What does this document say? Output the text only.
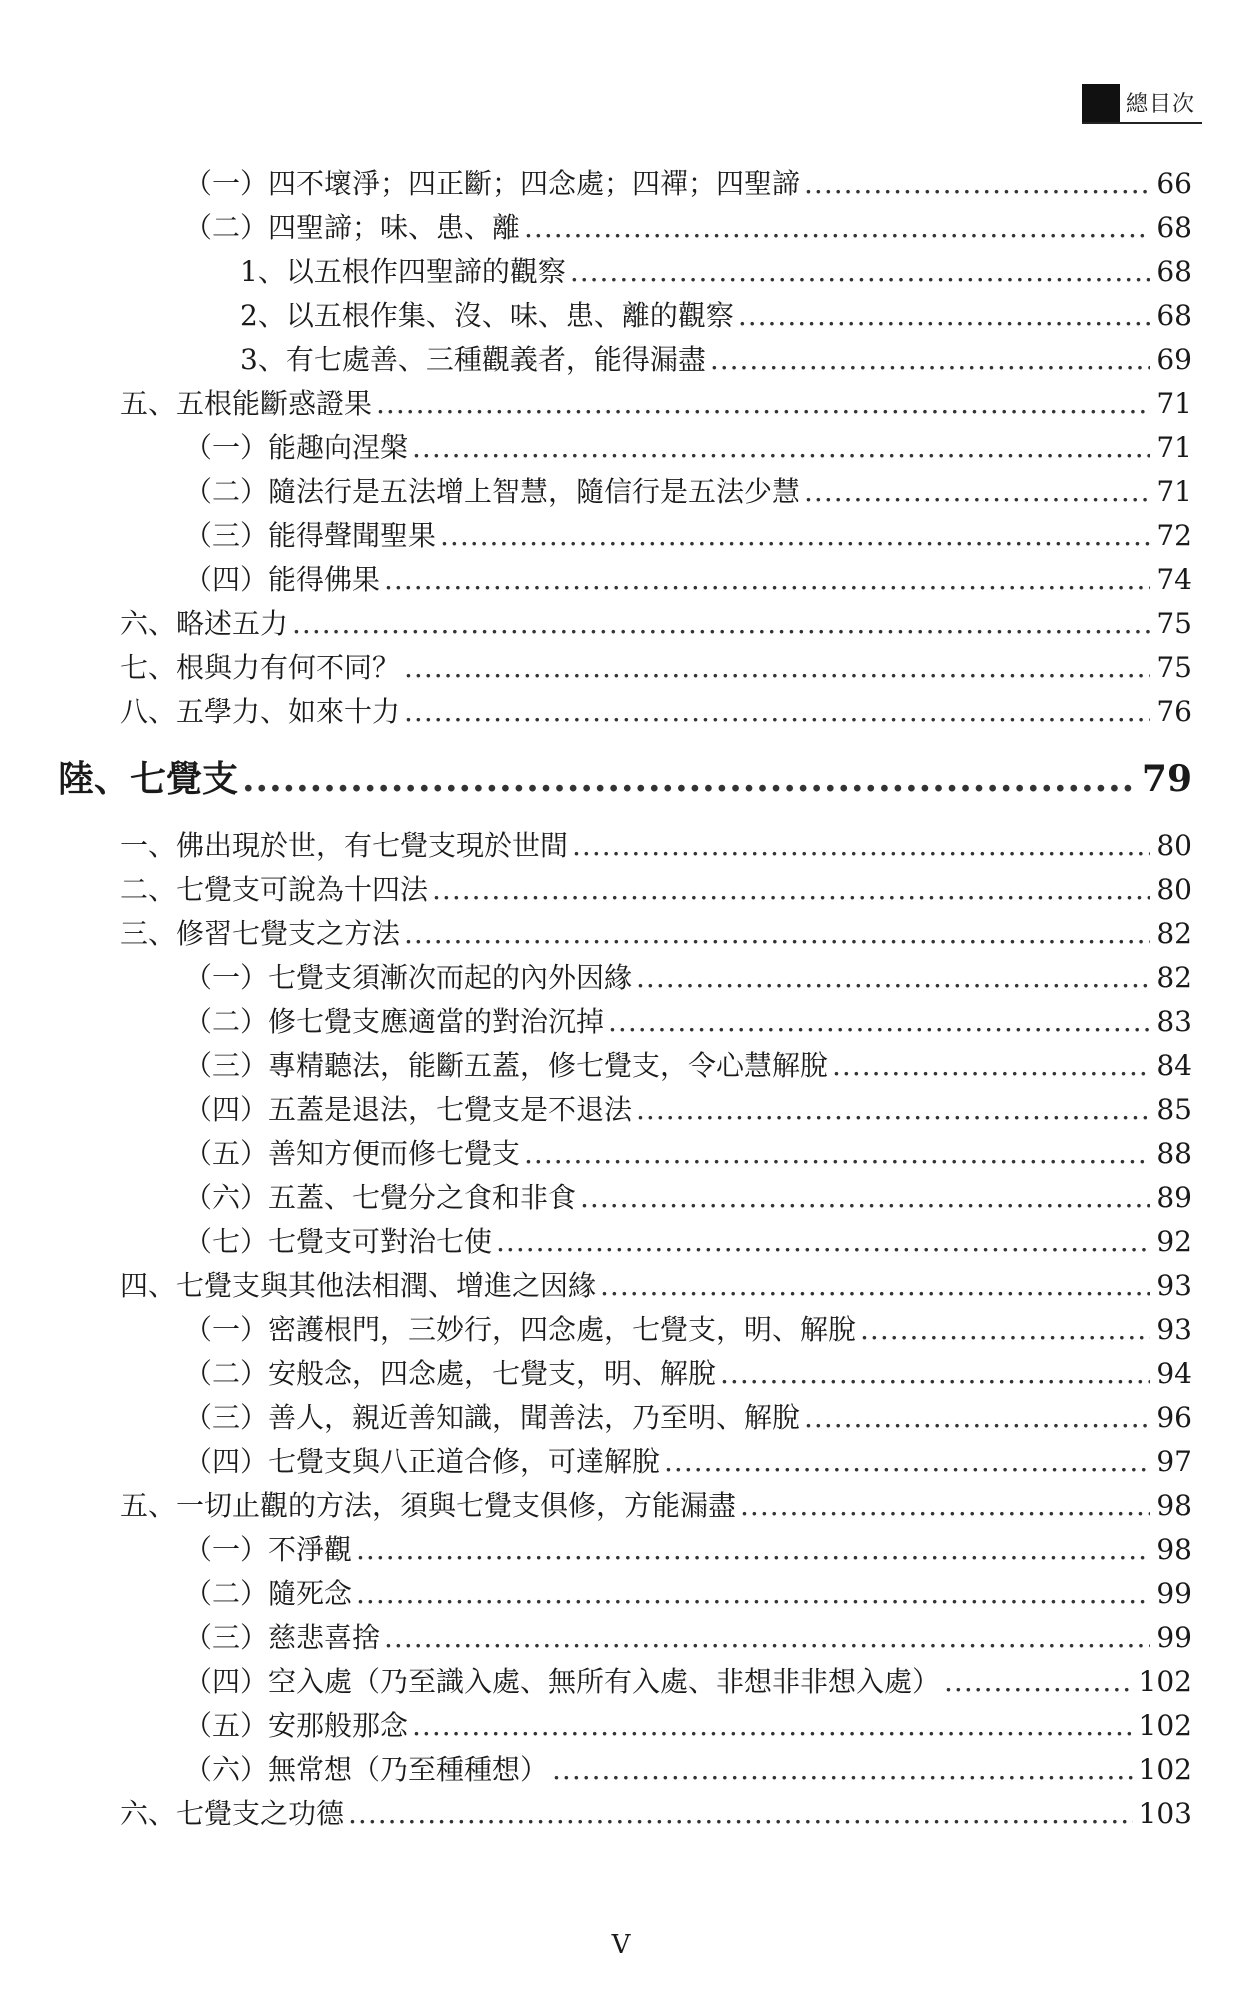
總目次
（一）四不壞淨；四正斷；四念處；四禪；四聖諦 .....	66
（二）四聖諦；味、患、離 .....	68
1、以五根作四聖諦的觀察 .....	68
2、以五根作集、沒、味、患、離的觀察 .....	68
3、有七處善、三種觀義者，能得漏盡 .....	69
五、五根能斷惑證果 .....	71
（一）能趣向涅槃 .....	71
（二）隨法行是五法增上智慧，隨信行是五法少慧 .....	71
（三）能得聲聞聖果 .....	72
（四）能得佛果 .....	74
六、略述五力 .....	75
七、根與力有何不同？ .....	75
八、五學力、如來十力 .....	76
陸、七覺支 .....	79
一、佛出現於世，有七覺支現於世間 .....	80
二、七覺支可說為十四法 .....	80
三、修習七覺支之方法 .....	82
（一）七覺支須漸次而起的內外因緣 .....	82
（二）修七覺支應適當的對治沉掉 .....	83
（三）專精聽法，能斷五蓋，修七覺支，令心慧解脫 .....	84
（四）五蓋是退法，七覺支是不退法 .....	85
（五）善知方便而修七覺支 .....	88
（六）五蓋、七覺分之食和非食 .....	89
（七）七覺支可對治七使 .....	92
四、七覺支與其他法相潤、增進之因緣 .....	93
（一）密護根門，三妙行，四念處，七覺支，明、解脫 .....	93
（二）安般念，四念處，七覺支，明、解脫 .....	94
（三）善人，親近善知識，聞善法，乃至明、解脫 .....	96
（四）七覺支與八正道合修，可達解脫 .....	97
五、一切止觀的方法，須與七覺支俱修，方能漏盡 .....	98
（一）不淨觀 .....	98
（二）隨死念 .....	99
（三）慈悲喜捨 .....	99
（四）空入處（乃至識入處、無所有入處、非想非非想入處） .....	102
（五）安那般那念 .....	102
（六）無常想（乃至種種想） .....	102
六、七覺支之功德 .....	103
V
